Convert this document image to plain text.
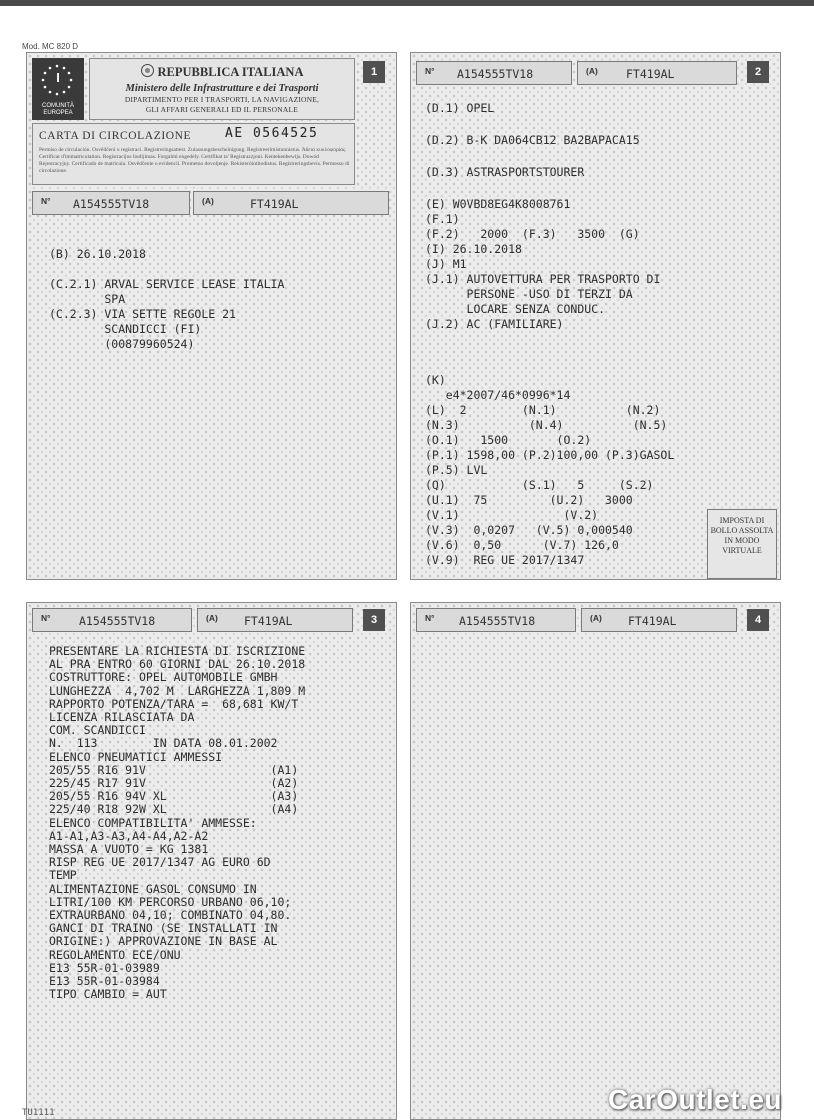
Mod. MC 820 D
I
COMUNITÀ EUROPEA
REPUBBLICA ITALIANA
Ministero delle Infrastrutture e dei Trasporti
DIPARTIMENTO PER I TRASPORTI, LA NAVIGAZIONE,
GLI AFFARI GENERALI ED IL PERSONALE
1
CARTA DI CIRCOLAZIONE	AE 0564525
Permiso de circulación. Osvědčení o registraci. Registreringsattest. Zulassungsbescheinigung. Registreerimistunnistus. Άδεια κυκλοφορίας. Certificat d'immatriculation. Registracijos liudijimas. Forgalmi engedély. Certifikat ta' Registrazzjoni. Kentekenbewijs. Dowód Rejestracyjny. Certificado de matrícula. Osvědčenie o evidencii. Prometno dovoljenje. Rekisteröintitodistus. Registreringsbevis. Permesso di circolazione.
N° A154555TV18	(A)	FT419AL
(B) 26.10.2018

(C.2.1) ARVAL SERVICE LEASE ITALIA
SPA
(C.2.3) VIA SETTE REGOLE 21
SCANDICCI (FI)
(00879960524)
N° A154555TV18	(A) FT419AL	2
(D.1) OPEL
(D.2) B-K DA064CB12 BA2BAPACA15
(D.3) ASTRASPORTSTOURER
(E) W0VBD8EG4K8008761
(F.1)
(F.2)   2000  (F.3)   3500  (G)
(I) 26.10.2018
(J) M1
(J.1) AUTOVETTURA PER TRASPORTO DI
PERSONE -USO DI TERZI DA
LOCARE SENZA CONDUC.
(J.2) AC (FAMILIARE)
(K)
e4*2007/46*0996*14
(L)  2        (N.1)          (N.2)
(N.3)          (N.4)          (N.5)
(O.1)   1500       (O.2)
(P.1) 1598,00 (P.2)100,00 (P.3)GASOL
(P.5) LVL
(Q)           (S.1)   5     (S.2)
(U.1)  75         (U.2)   3000
(V.1)               (V.2)
(V.3)  0,0207   (V.5) 0,000540
(V.6)  0,50      (V.7) 126,0
(V.9)  REG UE 2017/1347
IMPOSTA DI BOLLO ASSOLTA IN MODO VIRTUALE
N° A154555TV18	(A) FT419AL	3
PRESENTARE LA RICHIESTA DI ISCRIZIONE
AL PRA ENTRO 60 GIORNI DAL 26.10.2018
COSTRUTTORE: OPEL AUTOMOBILE GMBH
LUNGHEZZA  4,702 M  LARGHEZZA 1,809 M
RAPPORTO POTENZA/TARA =  68,681 KW/T
LICENZA RILASCIATA DA
COM. SCANDICCI
N.  113        IN DATA 08.01.2002
ELENCO PNEUMATICI AMMESSI
205/55 R16 91V                  (A1)
225/45 R17 91V                  (A2)
205/55 R16 94V XL               (A3)
225/40 R18 92W XL               (A4)
ELENCO COMPATIBILITA' AMMESSE:
A1-A1,A3-A3,A4-A4,A2-A2
MASSA A VUOTO = KG 1381
RISP REG UE 2017/1347 AG EURO 6D
TEMP
ALIMENTAZIONE GASOL CONSUMO IN
LITRI/100 KM PERCORSO URBANO 06,10;
EXTRAURBANO 04,10; COMBINATO 04,80.
GANCI DI TRAINO (SE INSTALLATI IN
ORIGINE:) APPROVAZIONE IN BASE AL
REGOLAMENTO ECE/ONU
E13 55R-01-03989
E13 55R-01-03984
TIPO CAMBIO = AUT
N° A154555TV18	(A) FT419AL	4
TU1111	CarOutlet.eu
